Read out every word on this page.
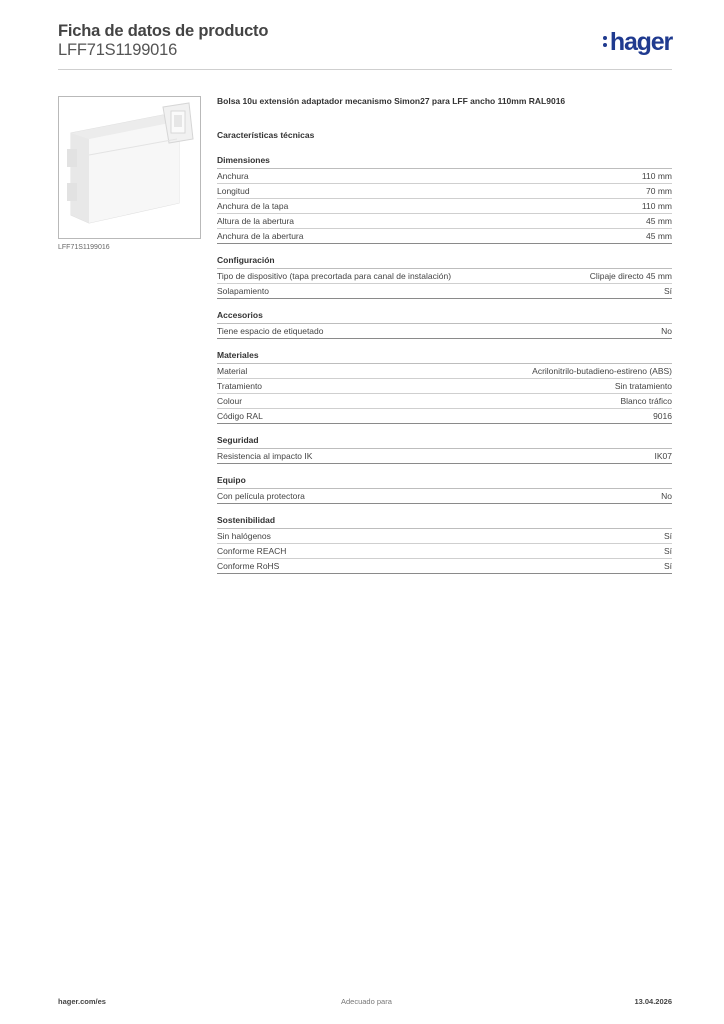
Ficha de datos de producto
LFF71S1199016	hager
LFF71S1199016
Bolsa 10u extensión adaptador mecanismo Simon27 para LFF ancho 110mm RAL9016
Características técnicas
Dimensiones
Anchura	110 mm
Longitud	70 mm
Anchura de la tapa	110 mm
Altura de la abertura	45 mm
Anchura de la abertura	45 mm
Configuración
Tipo de dispositivo (tapa precortada para canal de instalación)	Clipaje directo 45 mm
Solapamiento	Sí
Accesorios
Tiene espacio de etiquetado	No
Materiales
Material	Acrilonitrilo-butadieno-estireno (ABS)
Tratamiento	Sin tratamiento
Colour	Blanco tráfico
Código RAL	9016
Seguridad
Resistencia al impacto IK	IK07
Equipo
Con película protectora	No
Sostenibilidad
Sin halógenos	Sí
Conforme REACH	Sí
Conforme RoHS	Sí
hager.com/es	Adecuado para	13.04.2026
